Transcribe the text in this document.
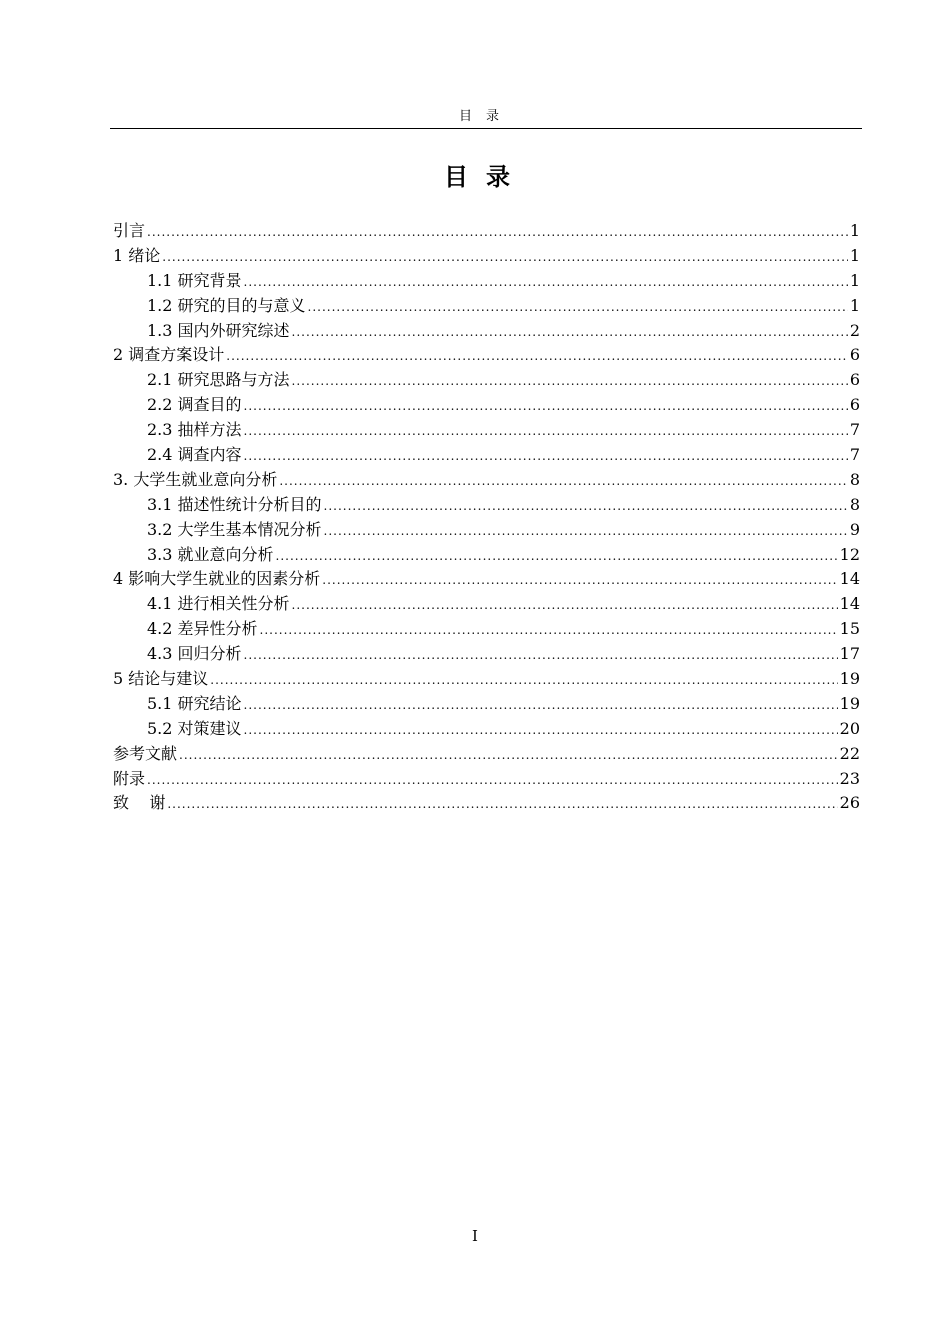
目录
目录
引言 .....	1
1 绪论 .....	1
1.1 研究背景 .....	1
1.2 研究的目的与意义 .....	1
1.3 国内外研究综述 .....	2
2 调查方案设计 .....	6
2.1 研究思路与方法 .....	6
2.2 调查目的 .....	6
2.3 抽样方法 .....	7
2.4 调查内容 .....	7
3. 大学生就业意向分析 .....	8
3.1 描述性统计分析目的 .....	8
3.2 大学生基本情况分析 .....	9
3.3 就业意向分析 .....	12
4 影响大学生就业的因素分析 .....	14
4.1 进行相关性分析 .....	14
4.2 差异性分析 .....	15
4.3 回归分析 .....	17
5 结论与建议 .....	19
5.1 研究结论 .....	19
5.2 对策建议 .....	20
参考文献 .....	22
附录 .....	23
致    谢 .....	26
I
